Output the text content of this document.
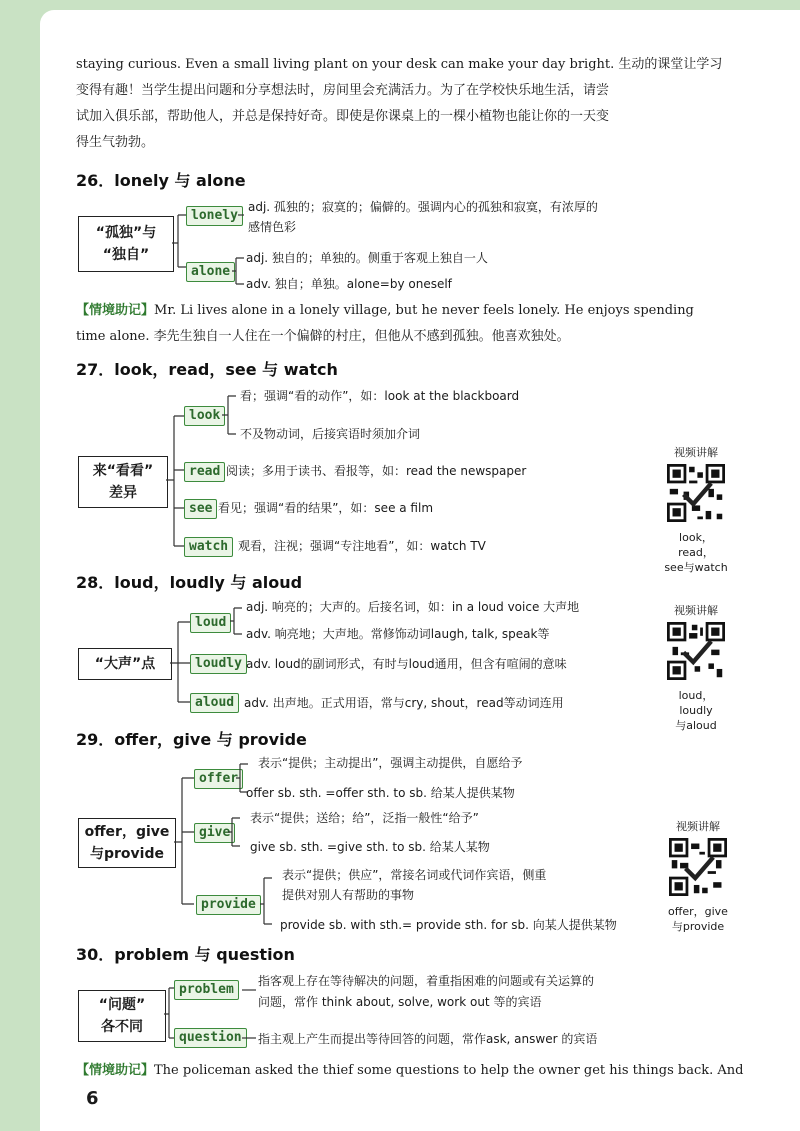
staying curious. Even a small living plant on your desk can make your day bright. 生动的课堂让学习
变得有趣！当学生提出问题和分享想法时，房间里会充满活力。为了在学校快乐地生活，请尝
试加入俱乐部，帮助他人，并总是保持好奇。即使是你课桌上的一棵小植物也能让你的一天变
得生气勃勃。
26．lonely 与 alone
“孤独”与
“独自”
lonely
alone
adj. 孤独的；寂寞的；偏僻的。强调内心的孤独和寂寞，有浓厚的
感情色彩
adj. 独自的；单独的。侧重于客观上独自一人
adv. 独自；单独。alone=by oneself
【情境助记】Mr. Li lives alone in a lonely village, but he never feels lonely. He enjoys spending
time alone. 李先生独自一人住在一个偏僻的村庄，但他从不感到孤独。他喜欢独处。
27．look，read，see 与 watch
来“看看”
差异
look
read
see
watch
看；强调“看的动作”，如：look at the blackboard
不及物动词，后接宾语时须加介词
阅读；多用于读书、看报等，如：read the newspaper
看见；强调“看的结果”，如：see a film
观看，注视；强调“专注地看”，如：watch TV
视频讲解
look，read，
see与watch
28．loud，loudly 与 aloud
“大声”点
loud
loudly
aloud
adj. 响亮的；大声的。后接名词，如：in a loud voice 大声地
adv. 响亮地；大声地。常修饰动词laugh, talk, speak等
adv. loud的副词形式，有时与loud通用，但含有喧闹的意味
adv. 出声地。正式用语，常与cry, shout，read等动词连用
视频讲解
loud，loudly
与aloud
29．offer，give 与 provide
offer，give
与provide
offer
give
provide
表示“提供；主动提出”，强调主动提供，自愿给予
offer sb. sth. =offer sth. to sb. 给某人提供某物
表示“提供；送给；给”，泛指一般性“给予”
give sb. sth. =give sth. to sb. 给某人某物
表示“提供；供应”，常接名词或代词作宾语，侧重
提供对别人有帮助的事物
provide sb. with sth.= provide sth. for sb. 向某人提供某物
视频讲解
offer，give
与provide
30．problem 与 question
“问题”
各不同
problem
question
指客观上存在等待解决的问题，着重指困难的问题或有关运算的
问题，常作 think about, solve, work out 等的宾语
指主观上产生而提出等待回答的问题，常作ask, answer 的宾语
【情境助记】The policeman asked the thief some questions to help the owner get his things back. And
6
